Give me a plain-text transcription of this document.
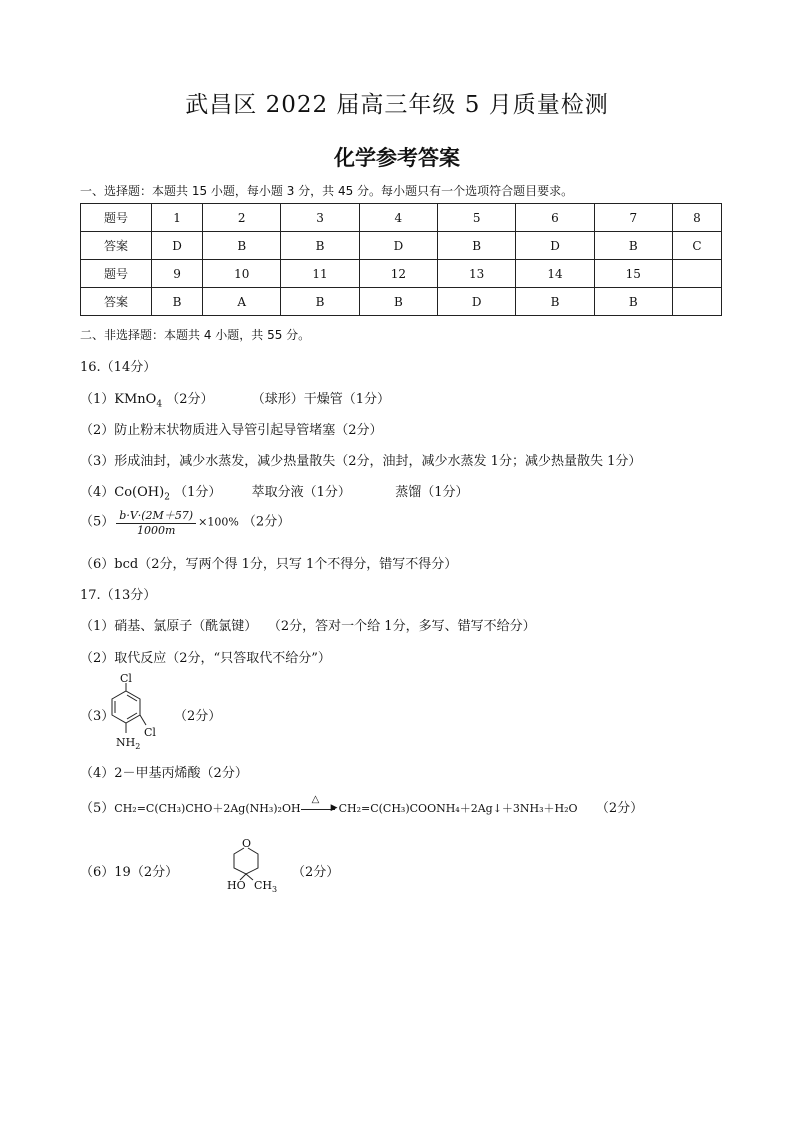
武昌区 2022 届高三年级 5 月质量检测
化学参考答案
一、选择题：本题共 15 小题，每小题 3 分，共 45 分。每小题只有一个选项符合题目要求。
题号	1	2	3	4	5	6	7	8
答案	D	B	B	D	B	D	B	C
题号	9	10	11	12	13	14	15	
答案	B	A	B	B	D	B	B	
二、非选择题：本题共 4 小题，共 55 分。
16.（14分）
（1）KMnO$_4$ （2分）	（球形）干燥管（1分）
（2）防止粉末状物质进入导管引起导管堵塞（2分）
（3）形成油封，减少水蒸发，减少热量散失（2分，油封，减少水蒸发 1分；减少热量散失 1分）
$(4)Co(OH)_2$ （1分） 萃取分液（1分）	蒸馏（1分）
$(5) \frac{b\cdot V\cdot(2M+57)}{1000m} \times 100\%$ （2分）
（6）bcd（2分，写两个得 1分，只写 1个不得分，错写不得分）
17.（13分）
（1）硝基、氯原子（酰氯键）　 （2分，答对一个给 1分，多写、错写不给分）
（2）取代反应（2分，“只答取代不给分”）
（3）
Cl
Cl
$NH_2$
（2分）
（4）2－甲基丙烯酸（2分）
（5）CH₂=C(CH₃)CHO＋2Ag(NH₃)₂OH
△
▶ CH₂=C(CH₃)COONH₄＋2Ag↓＋3NH₃＋H₂O （2分）
（6）19（2分）
O
HO $CH_3$
（2分）
